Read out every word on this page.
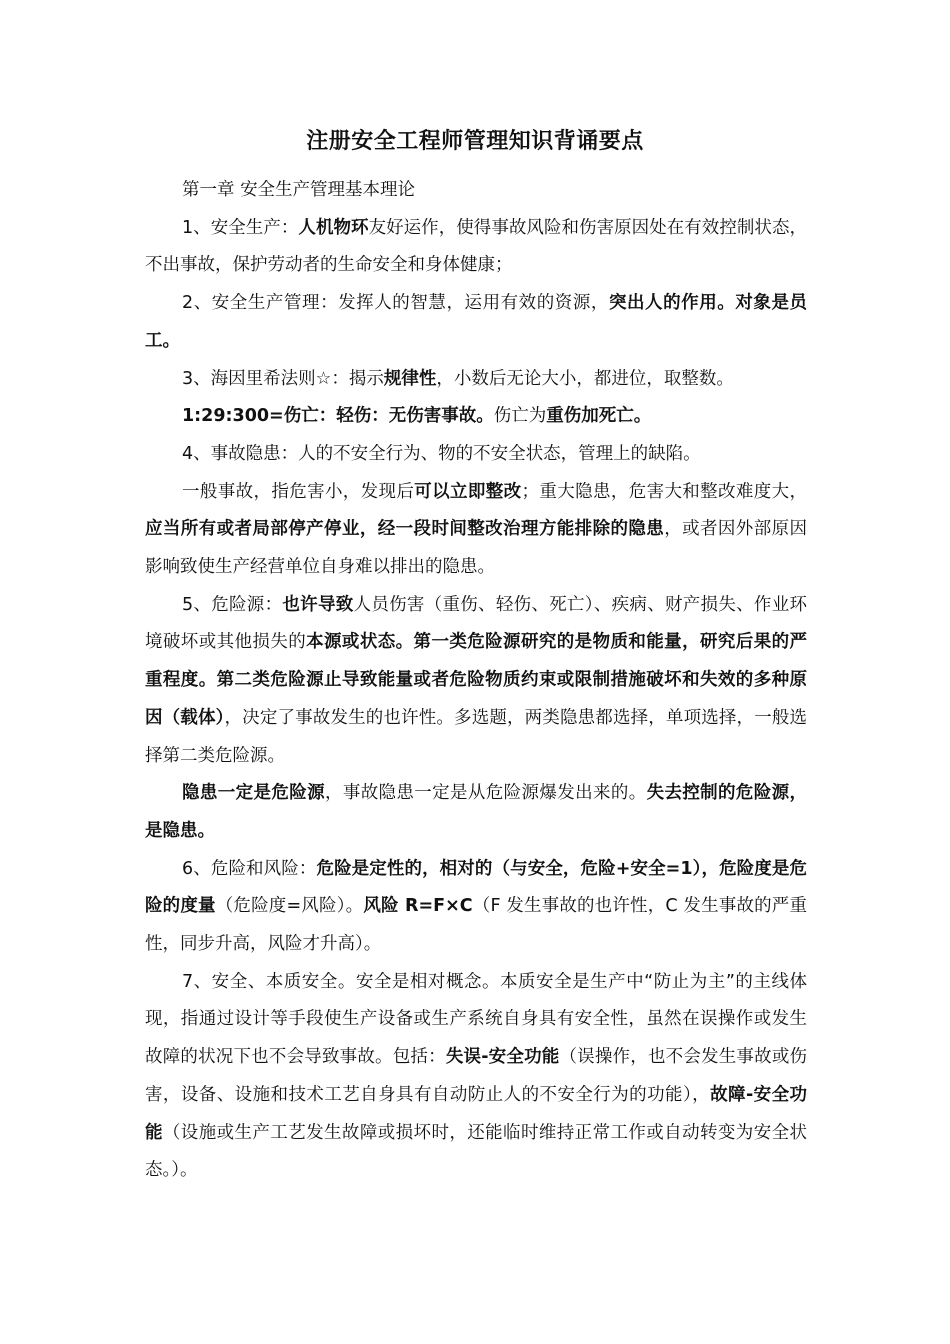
注册安全工程师管理知识背诵要点

第一章 安全生产管理基本理论

1、安全生产：人机物环友好运作，使得事故风险和伤害原因处在有效控制状态，不出事故，保护劳动者的生命安全和身体健康；

2、安全生产管理：发挥人的智慧，运用有效的资源，突出人的作用。对象是员工。

3、海因里希法则☆：揭示规律性，小数后无论大小，都进位，取整数。

1:29:300=伤亡：轻伤：无伤害事故。伤亡为重伤加死亡。

4、事故隐患：人的不安全行为、物的不安全状态，管理上的缺陷。

一般事故，指危害小，发现后可以立即整改；重大隐患，危害大和整改难度大，应当所有或者局部停产停业，经一段时间整改治理方能排除的隐患，或者因外部原因影响致使生产经营单位自身难以排出的隐患。

5、危险源：也许导致人员伤害（重伤、轻伤、死亡）、疾病、财产损失、作业环境破坏或其他损失的本源或状态。第一类危险源研究的是物质和能量，研究后果的严重程度。第二类危险源止导致能量或者危险物质约束或限制措施破坏和失效的多种原因（载体），决定了事故发生的也许性。多选题，两类隐患都选择，单项选择，一般选择第二类危险源。

隐患一定是危险源，事故隐患一定是从危险源爆发出来的。失去控制的危险源，是隐患。

6、危险和风险：危险是定性的，相对的（与安全，危险+安全=1），危险度是危险的度量（危险度=风险）。风险 R=F×C（F 发生事故的也许性，C 发生事故的严重性，同步升高，风险才升高）。

7、安全、本质安全。安全是相对概念。本质安全是生产中“防止为主”的主线体现，指通过设计等手段使生产设备或生产系统自身具有安全性，虽然在误操作或发生故障的状况下也不会导致事故。包括：失误-安全功能（误操作，也不会发生事故或伤害，设备、设施和技术工艺自身具有自动防止人的不安全行为的功能），故障-安全功能（设施或生产工艺发生故障或损坏时，还能临时维持正常工作或自动转变为安全状态。）。
